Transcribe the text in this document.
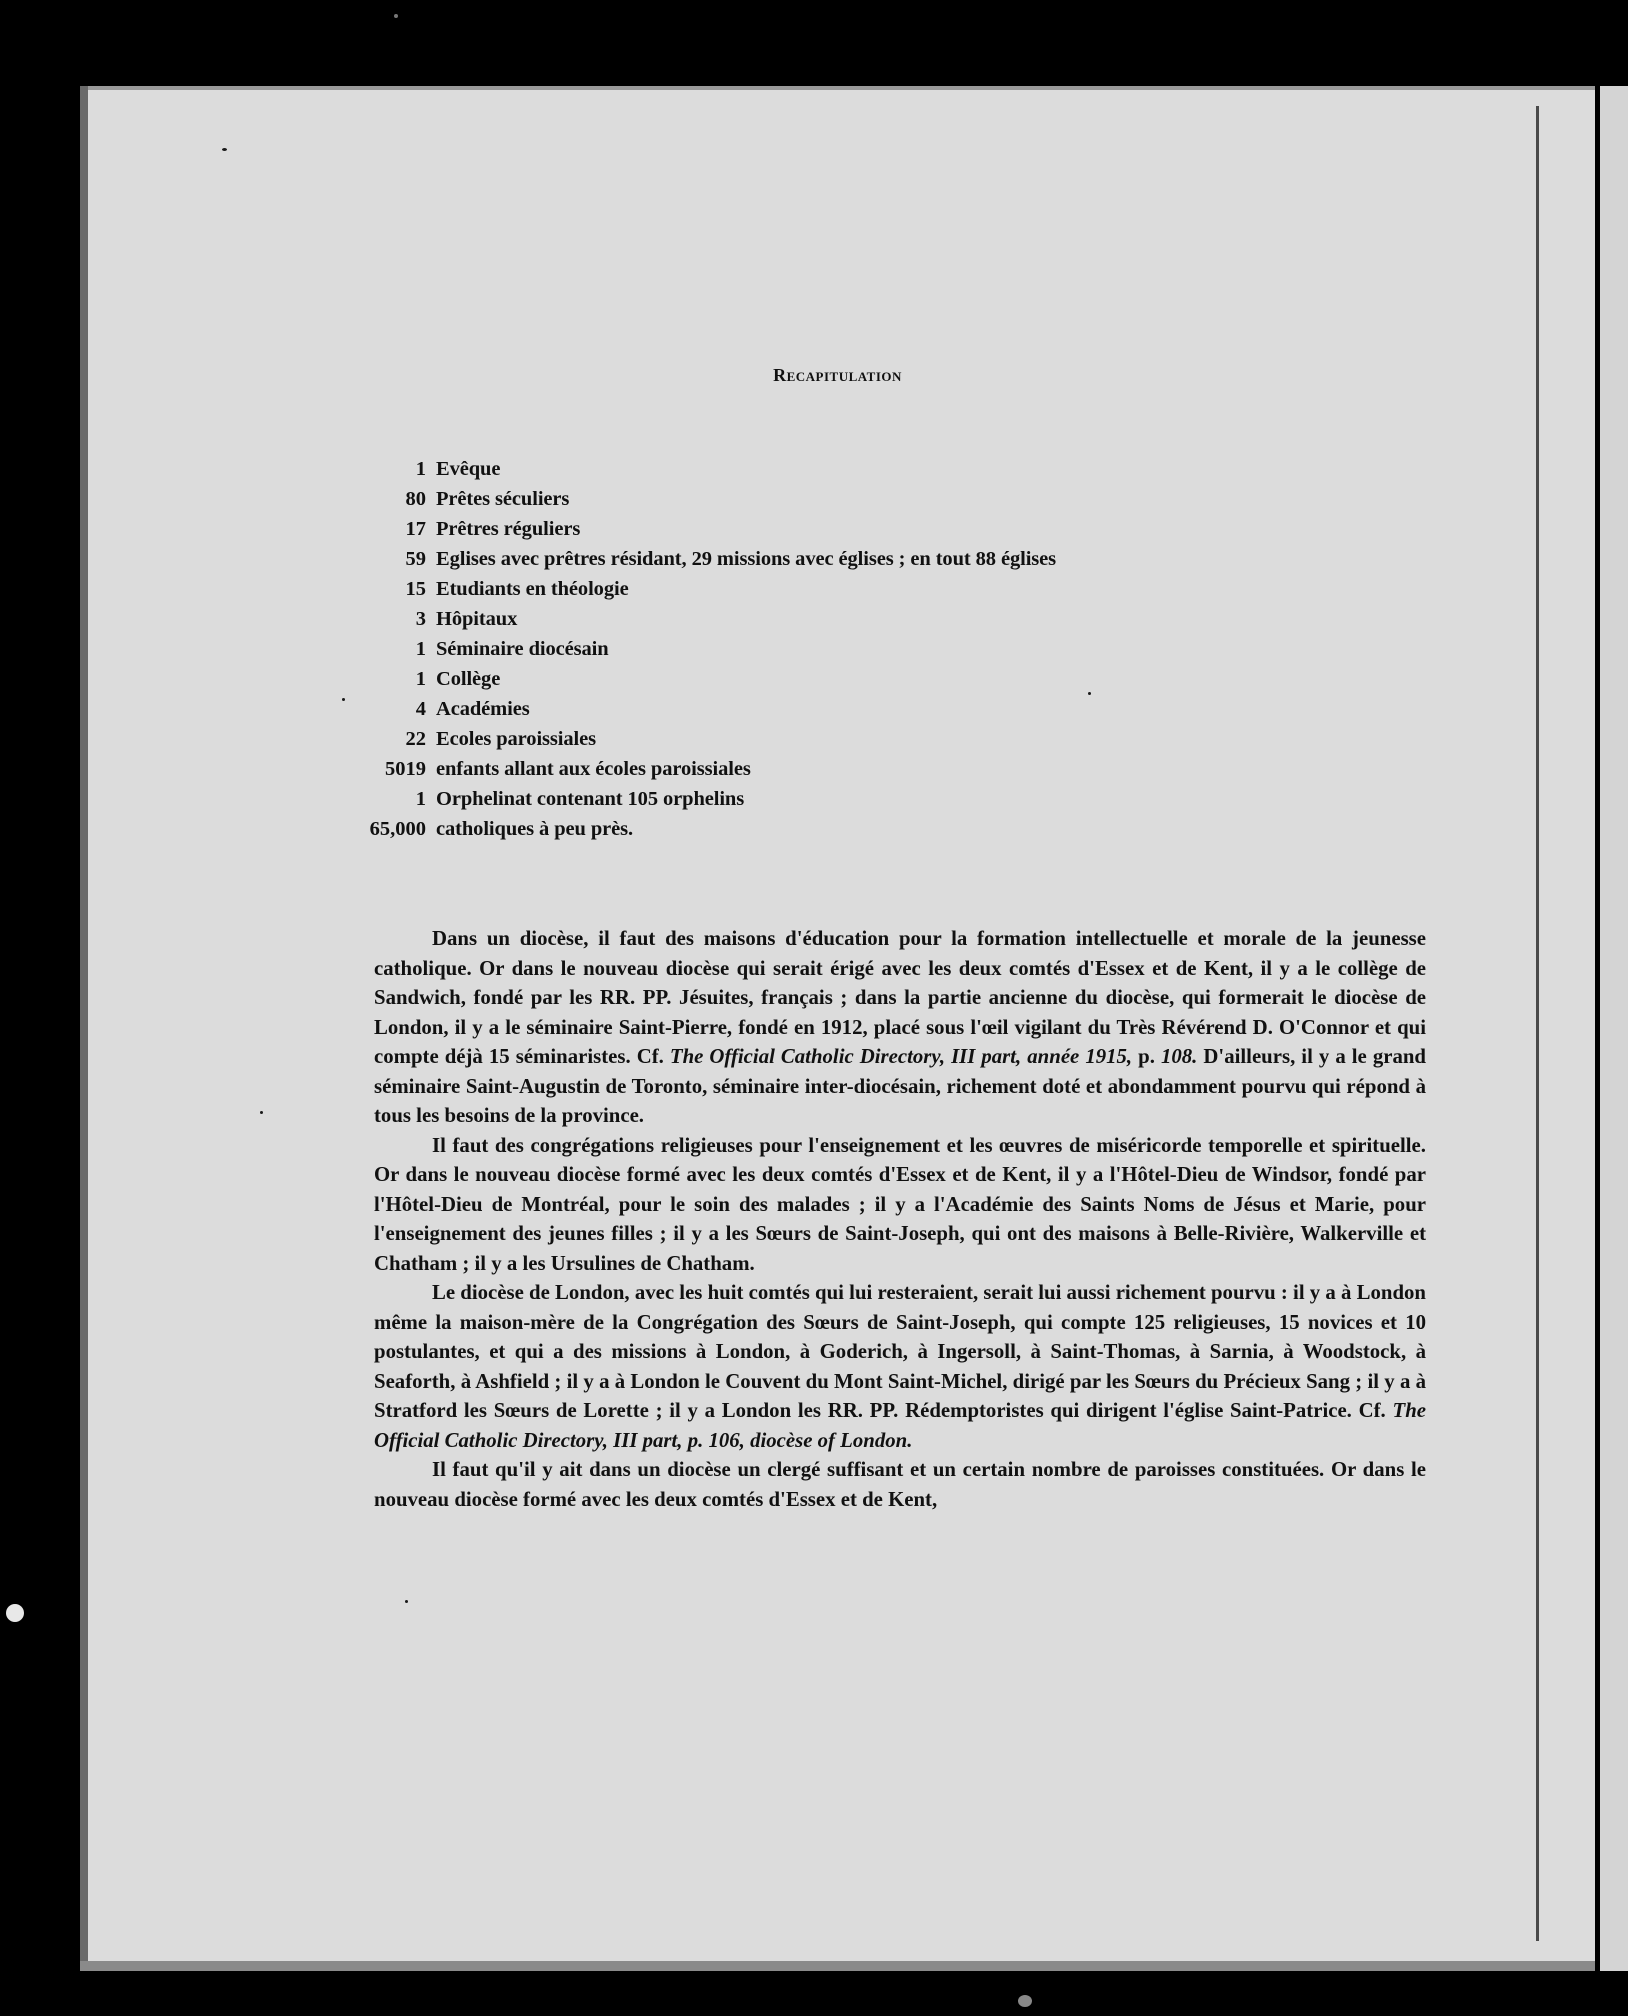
Recapitulation
1 Evêque
80 Prêtes séculiers
17 Prêtres réguliers
59 Eglises avec prêtres résidant, 29 missions avec églises ; en tout 88 églises
15 Etudiants en théologie
3 Hôpitaux
1 Séminaire diocésain
1 Collège
4 Académies
22 Ecoles paroissiales
5019 enfants allant aux écoles paroissiales
1 Orphelinat contenant 105 orphelins
65,000 catholiques à peu près.

Dans un diocèse, il faut des maisons d'éducation pour la formation intellectuelle et morale de la jeunesse catholique. Or dans le nouveau diocèse qui serait érigé avec les deux comtés d'Essex et de Kent, il y a le collège de Sandwich, fondé par les RR. PP. Jésuites, français ; dans la partie ancienne du diocèse, qui formerait le diocèse de London, il y a le séminaire Saint-Pierre, fondé en 1912, placé sous l'œil vigilant du Très Révérend D. O'Connor et qui compte déjà 15 séminaristes. Cf. The Official Catholic Directory, III part, année 1915, p. 108. D'ailleurs, il y a le grand séminaire Saint-Augustin de Toronto, séminaire inter-diocésain, richement doté et abondamment pourvu qui répond à tous les besoins de la province.

Il faut des congrégations religieuses pour l'enseignement et les œuvres de miséricorde temporelle et spirituelle. Or dans le nouveau diocèse formé avec les deux comtés d'Essex et de Kent, il y a l'Hôtel-Dieu de Windsor, fondé par l'Hôtel-Dieu de Montréal, pour le soin des malades ; il y a l'Académie des Saints Noms de Jésus et Marie, pour l'enseignement des jeunes filles ; il y a les Sœurs de Saint-Joseph, qui ont des maisons à Belle-Rivière, Walkerville et Chatham ; il y a les Ursulines de Chatham.

Le diocèse de London, avec les huit comtés qui lui resteraient, serait lui aussi richement pourvu : il y a à London même la maison-mère de la Congrégation des Sœurs de Saint-Joseph, qui compte 125 religieuses, 15 novices et 10 postulantes, et qui a des missions à London, à Goderich, à Ingersoll, à Saint-Thomas, à Sarnia, à Woodstock, à Seaforth, à Ashfield ; il y a à London le Couvent du Mont Saint-Michel, dirigé par les Sœurs du Précieux Sang ; il y a à Stratford les Sœurs de Lorette ; il y a London les RR. PP. Rédemptoristes qui dirigent l'église Saint-Patrice. Cf. The Official Catholic Directory, III part, p. 106, diocèse of London.

Il faut qu'il y ait dans un diocèse un clergé suffisant et un certain nombre de paroisses constituées. Or dans le nouveau diocèse formé avec les deux comtés d'Essex et de Kent,
